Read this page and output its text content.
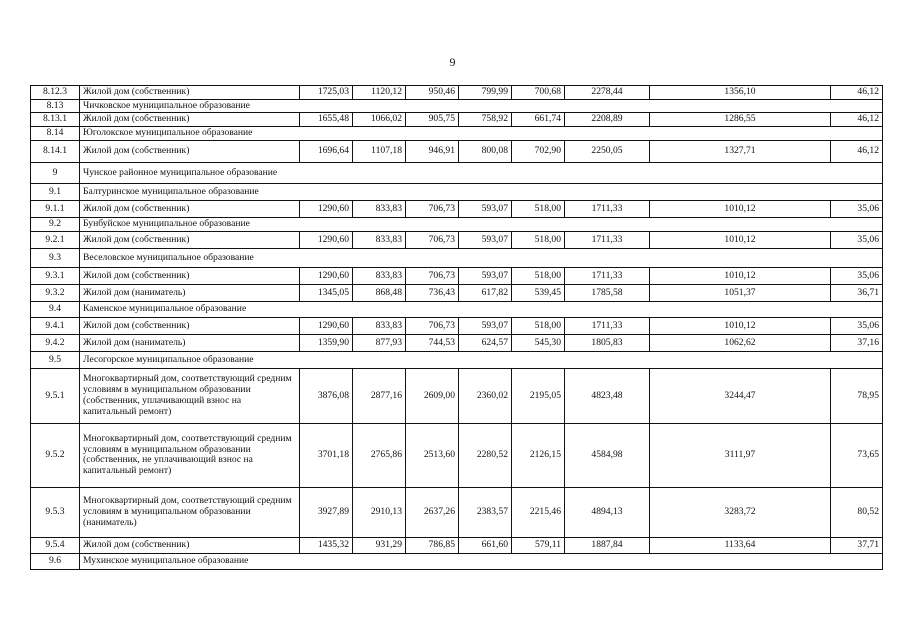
9
8.12.3	Жилой дом (собственник)	1725,03	1120,12	950,46	799,99	700,68	2278,44	1356,10	46,12
8.13	Чичковское муниципальное образование								
8.13.1	Жилой дом (собственник)	1655,48	1066,02	905,75	758,92	661,74	2208,89	1286,55	46,12
8.14	Юголокское муниципальное образование								
8.14.1	Жилой дом (собственник)	1696,64	1107,18	946,91	800,08	702,90	2250,05	1327,71	46,12
9	Чунское районное муниципальное образование								
9.1	Балтуринское муниципальное образование								
9.1.1	Жилой дом (собственник)	1290,60	833,83	706,73	593,07	518,00	1711,33	1010,12	35,06
9.2	Бунбуйское муниципальное образование								
9.2.1	Жилой дом (собственник)	1290,60	833,83	706,73	593,07	518,00	1711,33	1010,12	35,06
9.3	Веселовское муниципальное образование								
9.3.1	Жилой дом (собственник)	1290,60	833,83	706,73	593,07	518,00	1711,33	1010,12	35,06
9.3.2	Жилой дом (наниматель)	1345,05	868,48	736,43	617,82	539,45	1785,58	1051,37	36,71
9.4	Каменское муниципальное образование								
9.4.1	Жилой дом (собственник)	1290,60	833,83	706,73	593,07	518,00	1711,33	1010,12	35,06
9.4.2	Жилой дом (наниматель)	1359,90	877,93	744,53	624,57	545,30	1805,83	1062,62	37,16
9.5	Лесогорское муниципальное образование								
9.5.1	Многоквартирный дом, соответствующий средним условиям в муниципальном образовании (собственник, уплачивающий взнос на капитальный ремонт)	3876,08	2877,16	2609,00	2360,02	2195,05	4823,48	3244,47	78,95
9.5.2	Многоквартирный дом, соответствующий средним условиям в муниципальном образовании (собственник, не уплачивающий взнос на капитальный ремонт)	3701,18	2765,86	2513,60	2280,52	2126,15	4584,98	3111,97	73,65
9.5.3	Многоквартирный дом, соответствующий средним условиям в муниципальном образовании (наниматель)	3927,89	2910,13	2637,26	2383,57	2215,46	4894,13	3283,72	80,52
9.5.4	Жилой дом (собственник)	1435,32	931,29	786,85	661,60	579,11	1887,84	1133,64	37,71
9.6	Мухинское муниципальное образование								
